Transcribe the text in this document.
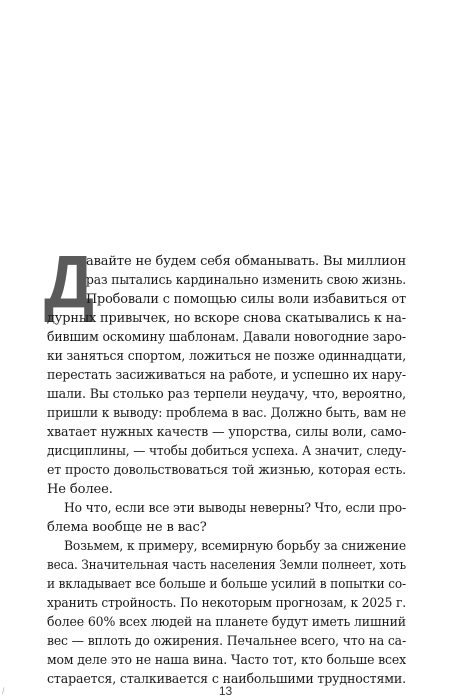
Д
авайте не будем себя обманывать. Вы миллион
раз пытались кардинально изменить свою жизнь.
Пробовали с помощью силы воли избавиться от
дурных привычек, но вскоре снова скатывались к на-
бившим оскомину шаблонам. Давали новогодние зарo-
ки заняться спортом, ложиться не позже одиннадцати,
перестать засиживаться на работе, и успешно их нару-
шали. Вы столько раз терпели неудачу, что, вероятно,
пришли к выводу: проблема в вас. Должно быть, вам не
хватает нужных качеств — упорства, силы воли, само-
дисциплины, — чтобы добиться успеха. А значит, следу-
ет просто довольствоваться той жизнью, которая есть.
Не более.
Но что, если все эти выводы неверны? Что, если про-
блема вообще не в вас?
Возьмем, к примеру, всемирную борьбу за снижение
веса. Значительная часть населения Земли полнеет, хоть
и вкладывает все больше и больше усилий в попытки со-
хранить стройность. По некоторым прогнозам, к 2025 г.
более 60% всех людей на планете будут иметь лишний
вес — вплоть до ожирения. Печальнее всего, что на са-
мом деле это не наша вина. Часто тот, кто больше всех
старается, сталкивается с наибольшими трудностями.
13
/
